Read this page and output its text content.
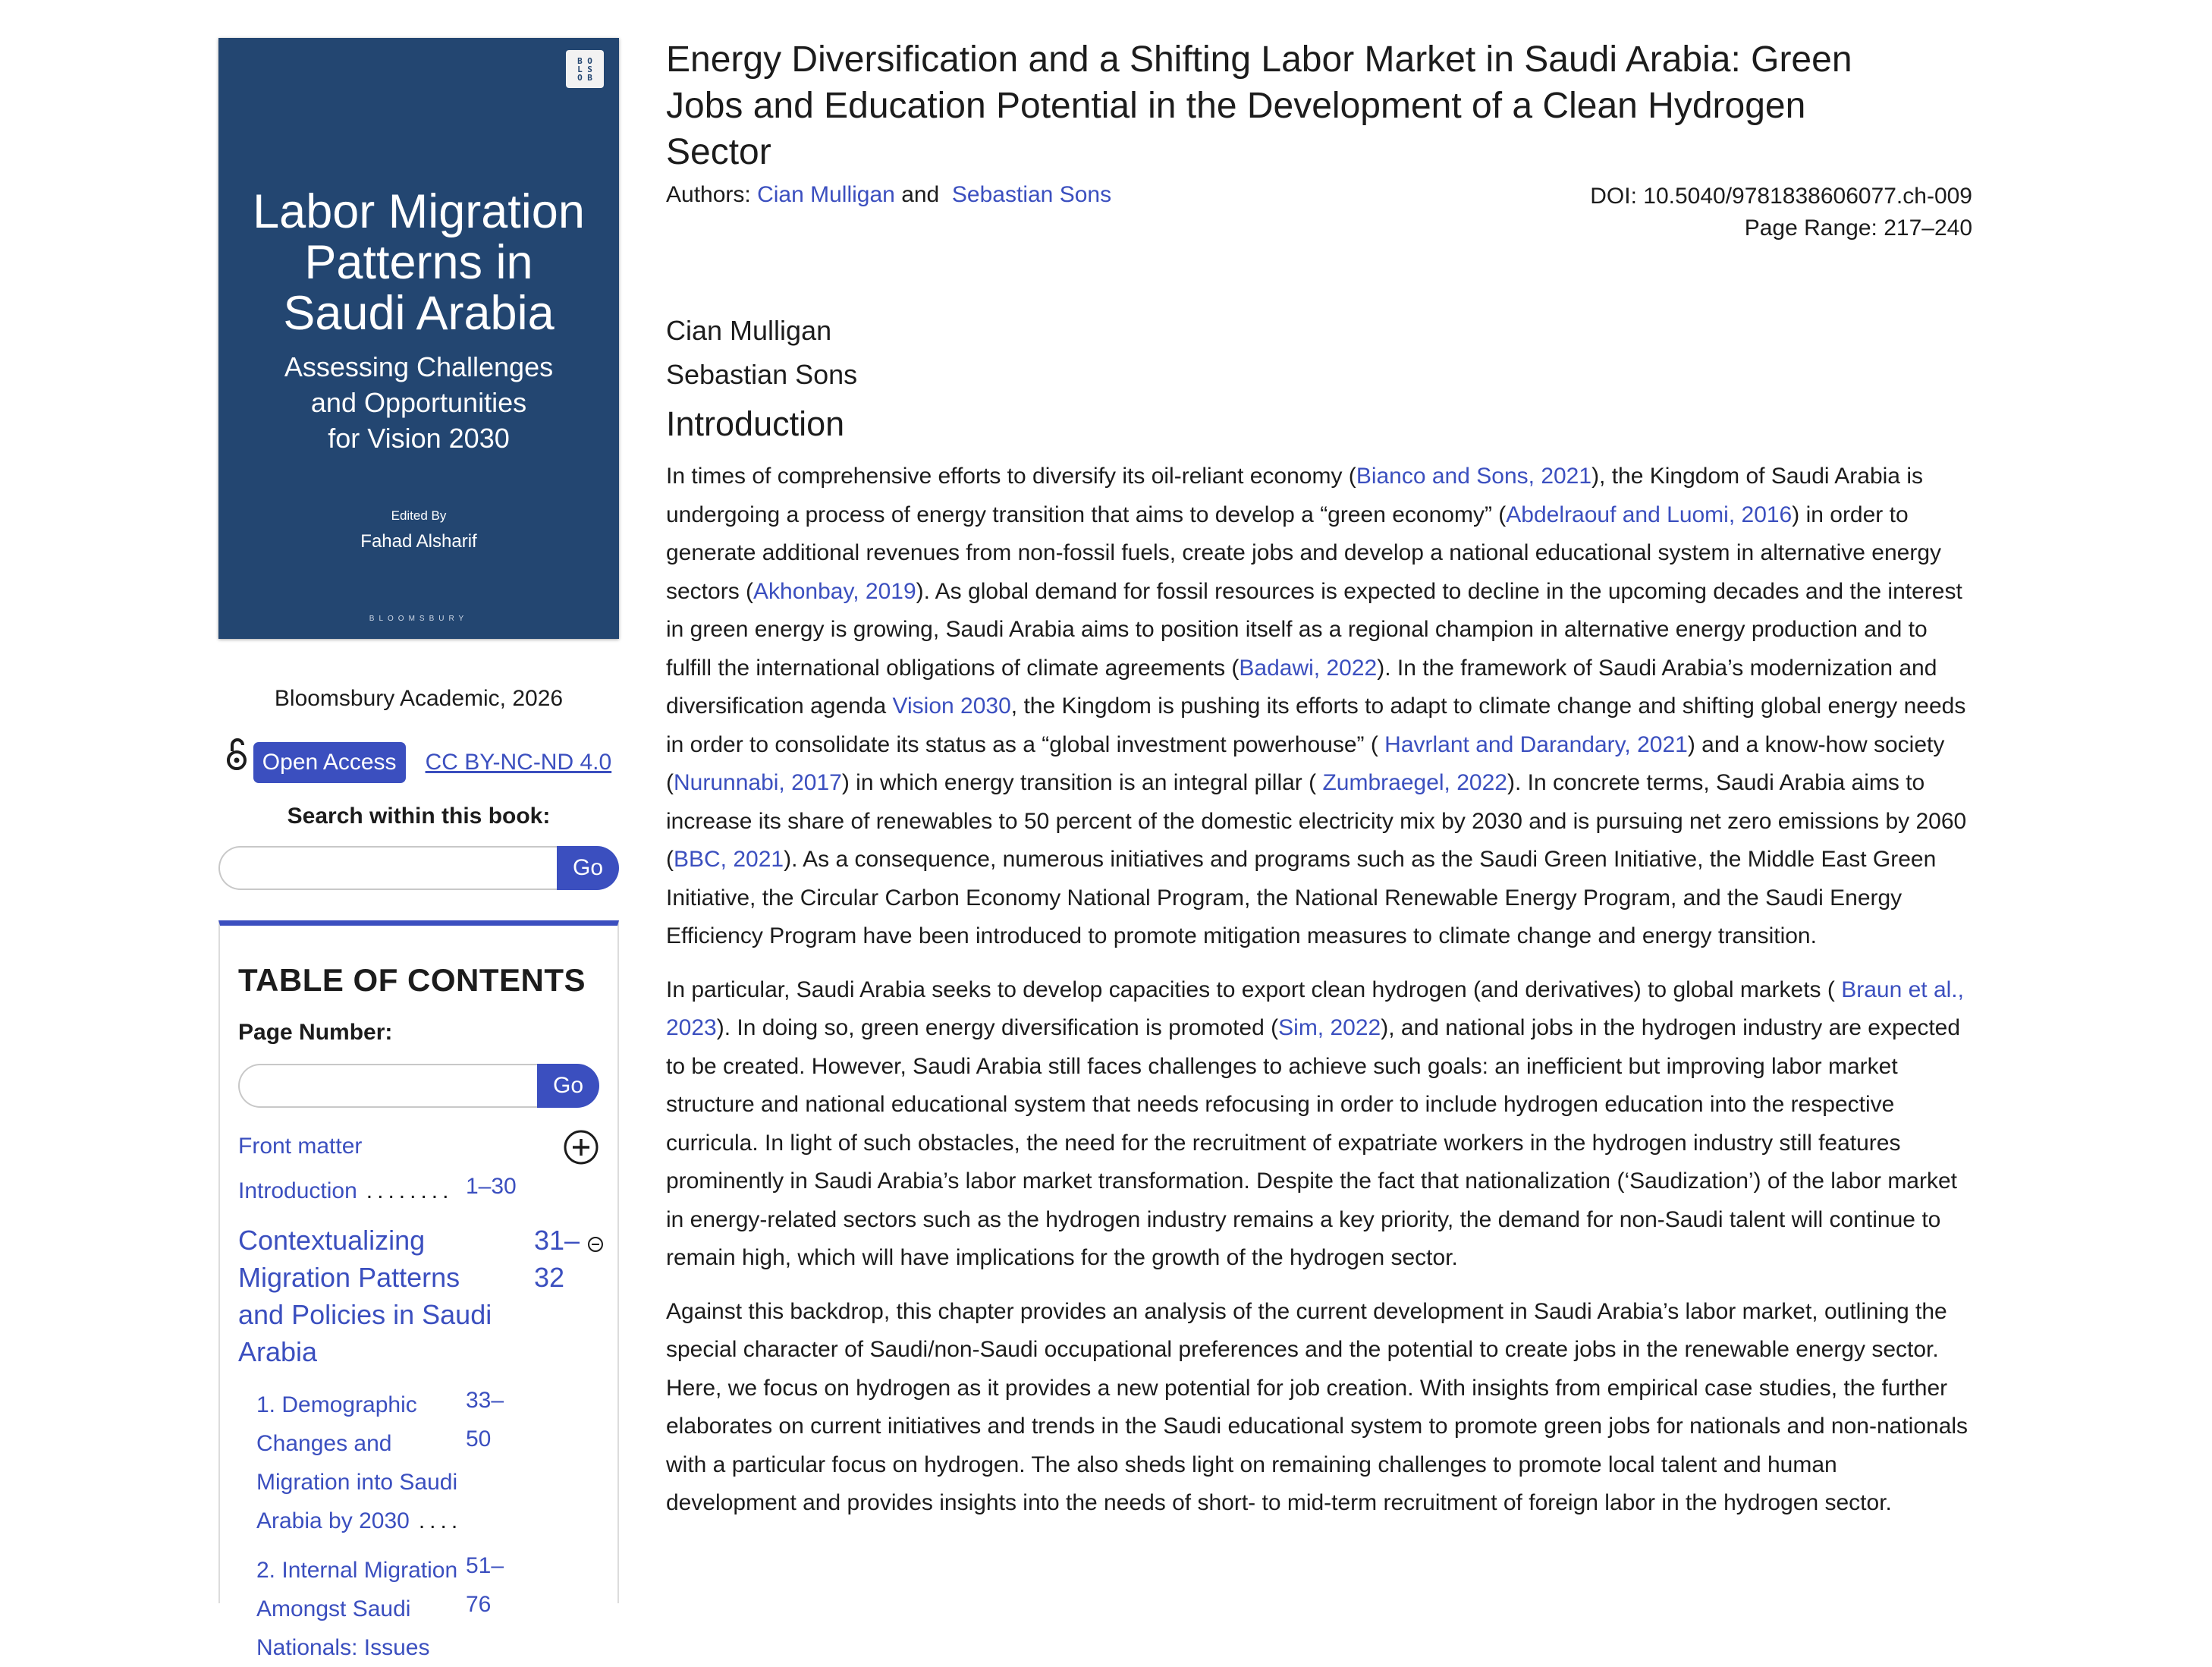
B O
L S
O B
Labor Migration
Patterns in
Saudi Arabia
Assessing Challenges
and Opportunities
for Vision 2030
Edited By
Fahad Alsharif
BLOOMSBURY
Bloomsbury Academic, 2026
Open Access CC BY-NC-ND 4.0
Search within this book:
Go
TABLE OF CONTENTS
Page Number:
Go
Front matter
Introduction ........ 1–30
Contextualizing Migration Patterns and Policies in Saudi Arabia
31–32
1. Demographic Changes and Migration into Saudi Arabia by 2030 ....
33–50
2. Internal Migration Amongst Saudi Nationals: Issues
51–76
Energy Diversification and a Shifting Labor Market in Saudi Arabia: Green Jobs and Education Potential in the Development of a Clean Hydrogen Sector
Authors: Cian Mulligan and Sebastian Sons	DOI: 10.5040/9781838606077.ch-009
Page Range: 217–240
Cian Mulligan
Sebastian Sons
Introduction

In times of comprehensive efforts to diversify its oil-reliant economy (Bianco and Sons, 2021), the Kingdom of Saudi Arabia is undergoing a process of energy transition that aims to develop a “green economy” (Abdelraouf and Luomi, 2016) in order to generate additional revenues from non-fossil fuels, create jobs and develop a national educational system in alternative energy sectors (Akhonbay, 2019). As global demand for fossil resources is expected to decline in the upcoming decades and the interest in green energy is growing, Saudi Arabia aims to position itself as a regional champion in alternative energy production and to fulfill the international obligations of climate agreements (Badawi, 2022). In the framework of Saudi Arabia’s modernization and diversification agenda Vision 2030, the Kingdom is pushing its efforts to adapt to climate change and shifting global energy needs in order to consolidate its status as a “global investment powerhouse” ( Havrlant and Darandary, 2021) and a know-how society (Nurunnabi, 2017) in which energy transition is an integral pillar ( Zumbraegel, 2022). In concrete terms, Saudi Arabia aims to increase its share of renewables to 50 percent of the domestic electricity mix by 2030 and is pursuing net zero emissions by 2060 (BBC, 2021). As a consequence, numerous initiatives and programs such as the Saudi Green Initiative, the Middle East Green Initiative, the Circular Carbon Economy National Program, the National Renewable Energy Program, and the Saudi Energy Efficiency Program have been introduced to promote mitigation measures to climate change and energy transition.

In particular, Saudi Arabia seeks to develop capacities to export clean hydrogen (and derivatives) to global markets ( Braun et al., 2023). In doing so, green energy diversification is promoted (Sim, 2022), and national jobs in the hydrogen industry are expected to be created. However, Saudi Arabia still faces challenges to achieve such goals: an inefficient but improving labor market structure and national educational system that needs refocusing in order to include hydrogen education into the respective curricula. In light of such obstacles, the need for the recruitment of expatriate workers in the hydrogen industry still features prominently in Saudi Arabia’s labor market transformation. Despite the fact that nationalization (‘Saudization’) of the labor market in energy-related sectors such as the hydrogen industry remains a key priority, the demand for non-Saudi talent will continue to remain high, which will have implications for the growth of the hydrogen sector.

Against this backdrop, this chapter provides an analysis of the current development in Saudi Arabia’s labor market, outlining the special character of Saudi/non-Saudi occupational preferences and the potential to create jobs in the renewable energy sector. Here, we focus on hydrogen as it provides a new potential for job creation. With insights from empirical case studies, the further elaborates on current initiatives and trends in the Saudi educational system to promote green jobs for nationals and non-nationals with a particular focus on hydrogen. The also sheds light on remaining challenges to promote local talent and human development and provides insights into the needs of short- to mid-term recruitment of foreign labor in the hydrogen sector.
